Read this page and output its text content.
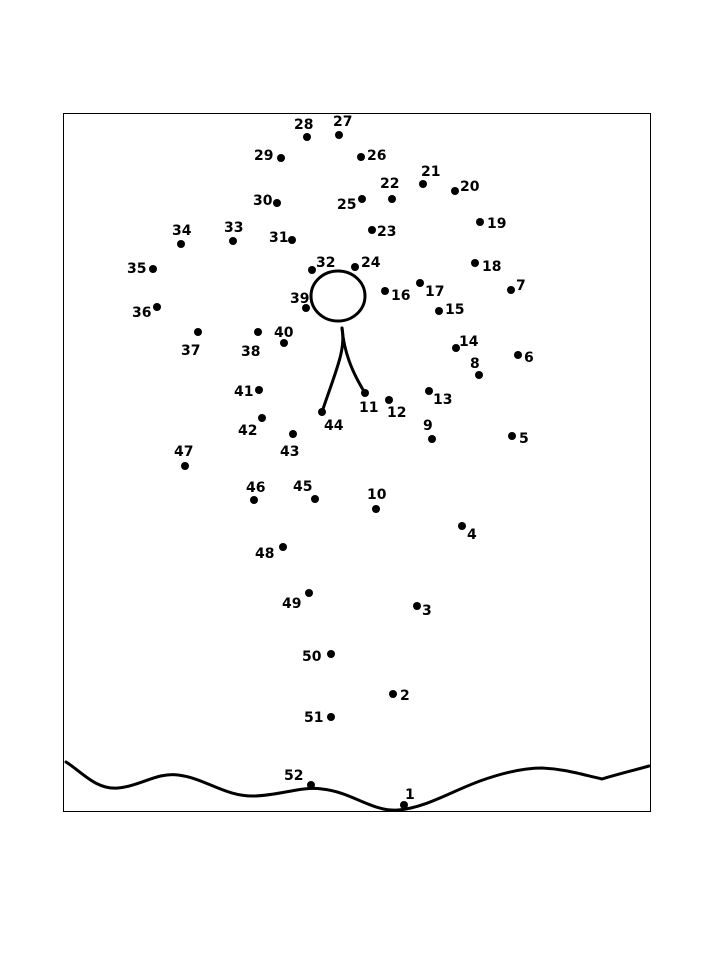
1
2
3
4
5
6
7
8
9
10
11 12
13
14
15
16 17
18
19
20
21
22
23
24
25
26
27
28
29
30
31
32
33
34
35
36
37	38
39
40
41
42
43
44
45
46
47
48
49
50
51
52
